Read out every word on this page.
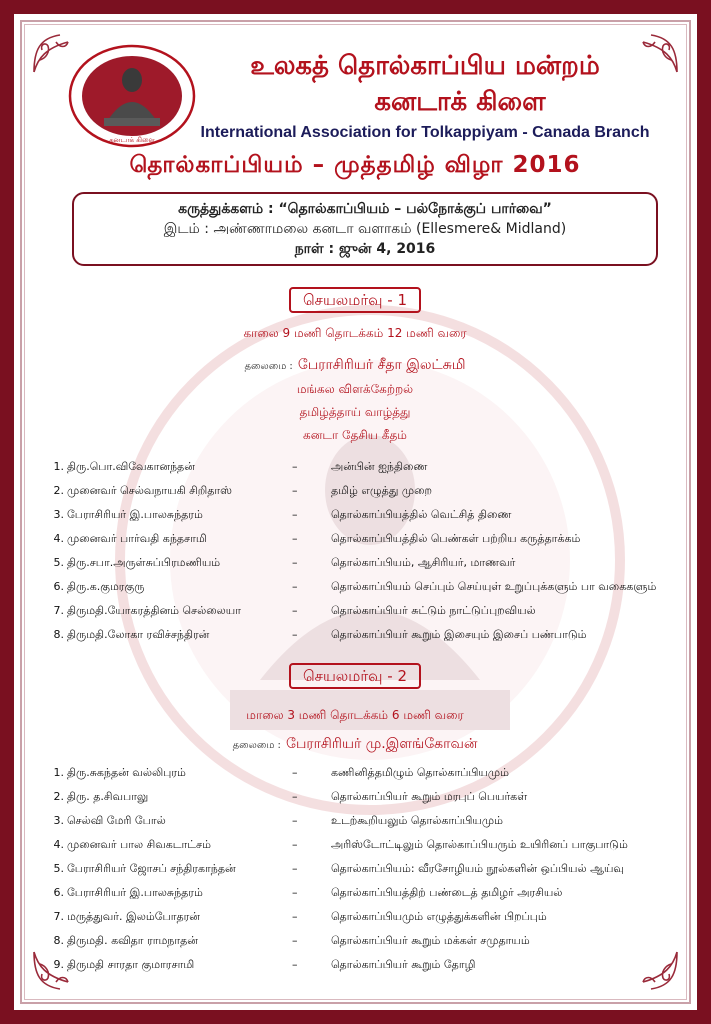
கனடாக் கிளை
உலகத் தொல்காப்பிய மன்றம்
கனடாக் கிளை
International Association for Tolkappiyam - Canada Branch
தொல்காப்பியம் – முத்தமிழ் விழா 2016
கருத்துக்களம் : “தொல்காப்பியம் – பல்நோக்குப் பார்வை”
இடம் : அண்ணாமலை கனடா வளாகம் (Ellesmere& Midland)
நாள் : ஜுன் 4, 2016
செயலமர்வு - 1
காலை 9 மணி தொடக்கம் 12 மணி வரை
தலைமை : பேராசிரியர் சீதா இலட்சுமி
மங்கல விளக்கேற்றல்
தமிழ்த்தாய் வாழ்த்து
கனடா தேசிய கீதம்
1. திரு.பொ.விவேகானந்தன்	–	அன்பின் ஐந்திணை
2. முனைவர் செல்வநாயகி சிறிதாஸ்	–	தமிழ் எழுத்து முறை
3. பேராசிரியர் இ.பாலசுந்தரம்	–	தொல்காப்பியத்தில் வெட்சித் திணை
4. முனைவர் பார்வதி கந்தசாமி	–	தொல்காப்பியத்தில் பெண்கள் பற்றிய கருத்தாக்கம்
5. திரு.சபா.அருள்சுப்பிரமணியம்	–	தொல்காப்பியம், ஆசிரியர், மாணவர்
6. திரு.க.குமரகுரு	–	தொல்காப்பியம் செப்பும் செய்யுள் உறுப்புக்களும் பா வகைகளும்
7. திருமதி.யோகரத்தினம் செல்லையா	–	தொல்காப்பியர் சுட்டும் நாட்டுப்புறவியல்
8. திருமதி.லோகா ரவிச்சந்திரன்	–	தொல்காப்பியர் கூறும் இசையும் இசைப் பண்பாடும்
செயலமர்வு - 2
மாலை 3 மணி தொடக்கம் 6 மணி வரை
தலைமை : பேராசிரியர் மு.இளங்கோவன்
1. திரு.சுகந்தன் வல்லிபுரம்	–	கணினித்தமிழும் தொல்காப்பியமும்
2. திரு. த.சிவபாலு	–	தொல்காப்பியர் கூறும் மரபுப் பெயர்கள்
3. செல்வி மேரி போல்	–	உடற்கூறியலும் தொல்காப்பியமும்
4. முனைவர் பால சிவகடாட்சம்	–	அரிஸ்டோட்டிலும் தொல்காப்பியரும் உயிரினப் பாகுபாடும்
5. பேராசிரியர் ஜோசப் சந்திரகாந்தன்	–	தொல்காப்பியம்: வீரசோழியம் நூல்களின் ஒப்பியல் ஆய்வு
6. பேராசிரியர் இ.பாலசுந்தரம்	–	தொல்காப்பியத்திற் பண்டைத் தமிழர் அரசியல்
7. மருத்துவர். இலம்போதரன்	–	தொல்காப்பியமும் எழுத்துக்களின் பிறப்பும்
8. திருமதி. கவிதா ராமநாதன்	–	தொல்காப்பியர் கூறும் மக்கள் சமுதாயம்
9. திருமதி சாரதா குமாரசாமி	–	தொல்காப்பியர் கூறும் தோழி
